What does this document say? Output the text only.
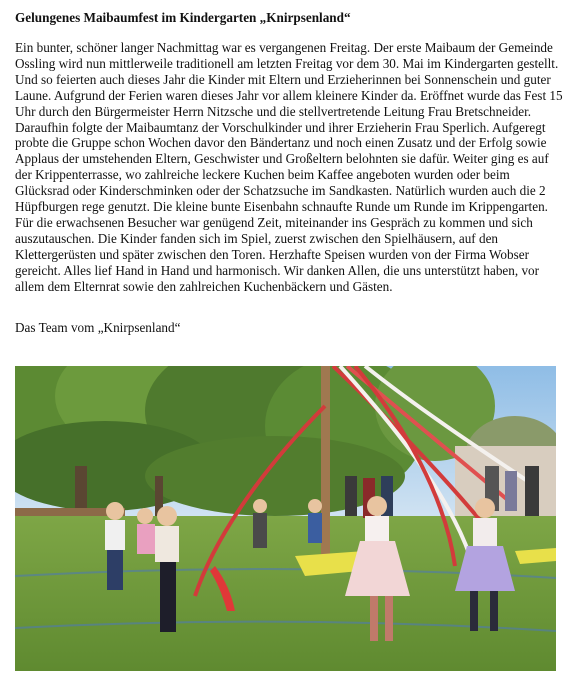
Gelungenes Maibaumfest im Kindergarten „Knirpsenland“

Ein bunter, schöner langer Nachmittag war es vergangenen Freitag. Der erste Maibaum der Gemeinde Ossling wird nun mittlerweile traditionell am letzten Freitag vor dem 30. Mai im Kindergarten gestellt. Und so feierten auch dieses Jahr die Kinder mit Eltern und Erzieherinnen bei Sonnenschein und guter Laune. Aufgrund der Ferien waren dieses Jahr vor allem kleinere Kinder da. Eröffnet wurde das Fest 15 Uhr durch den Bürgermeister Herrn Nitzsche und die stellvertretende Leitung Frau Bretschneider. Daraufhin folgte der Maibaumtanz der Vorschulkinder und ihrer Erzieherin Frau Sperlich. Aufgeregt probte die Gruppe schon Wochen davor den Bändertanz und noch einen Zusatz und der Erfolg sowie Applaus der umstehenden Eltern, Geschwister und Großeltern belohnten sie dafür. Weiter ging es auf der Krippenterrasse, wo zahlreiche leckere Kuchen beim Kaffee angeboten wurden oder beim Glücksrad oder Kinderschminken oder der Schatzsuche im Sandkasten. Natürlich wurden auch die 2 Hüpfburgen rege genutzt. Die kleine bunte Eisenbahn schnaufte Runde um Runde im Krippengarten. Für die erwachsenen Besucher war genügend Zeit, miteinander ins Gespräch zu kommen und sich auszutauschen. Die Kinder fanden sich im Spiel, zuerst zwischen den Spielhäusern, auf den Klettergerüsten und später zwischen den Toren. Herzhafte Speisen wurden von der Firma Wobser gereicht. Alles lief Hand in Hand und harmonisch. Wir danken Allen, die uns unterstützt haben, vor allem dem Elternrat sowie den zahlreichen Kuchenbäckern und Gästen.

Das Team vom „Knirpsenland“
